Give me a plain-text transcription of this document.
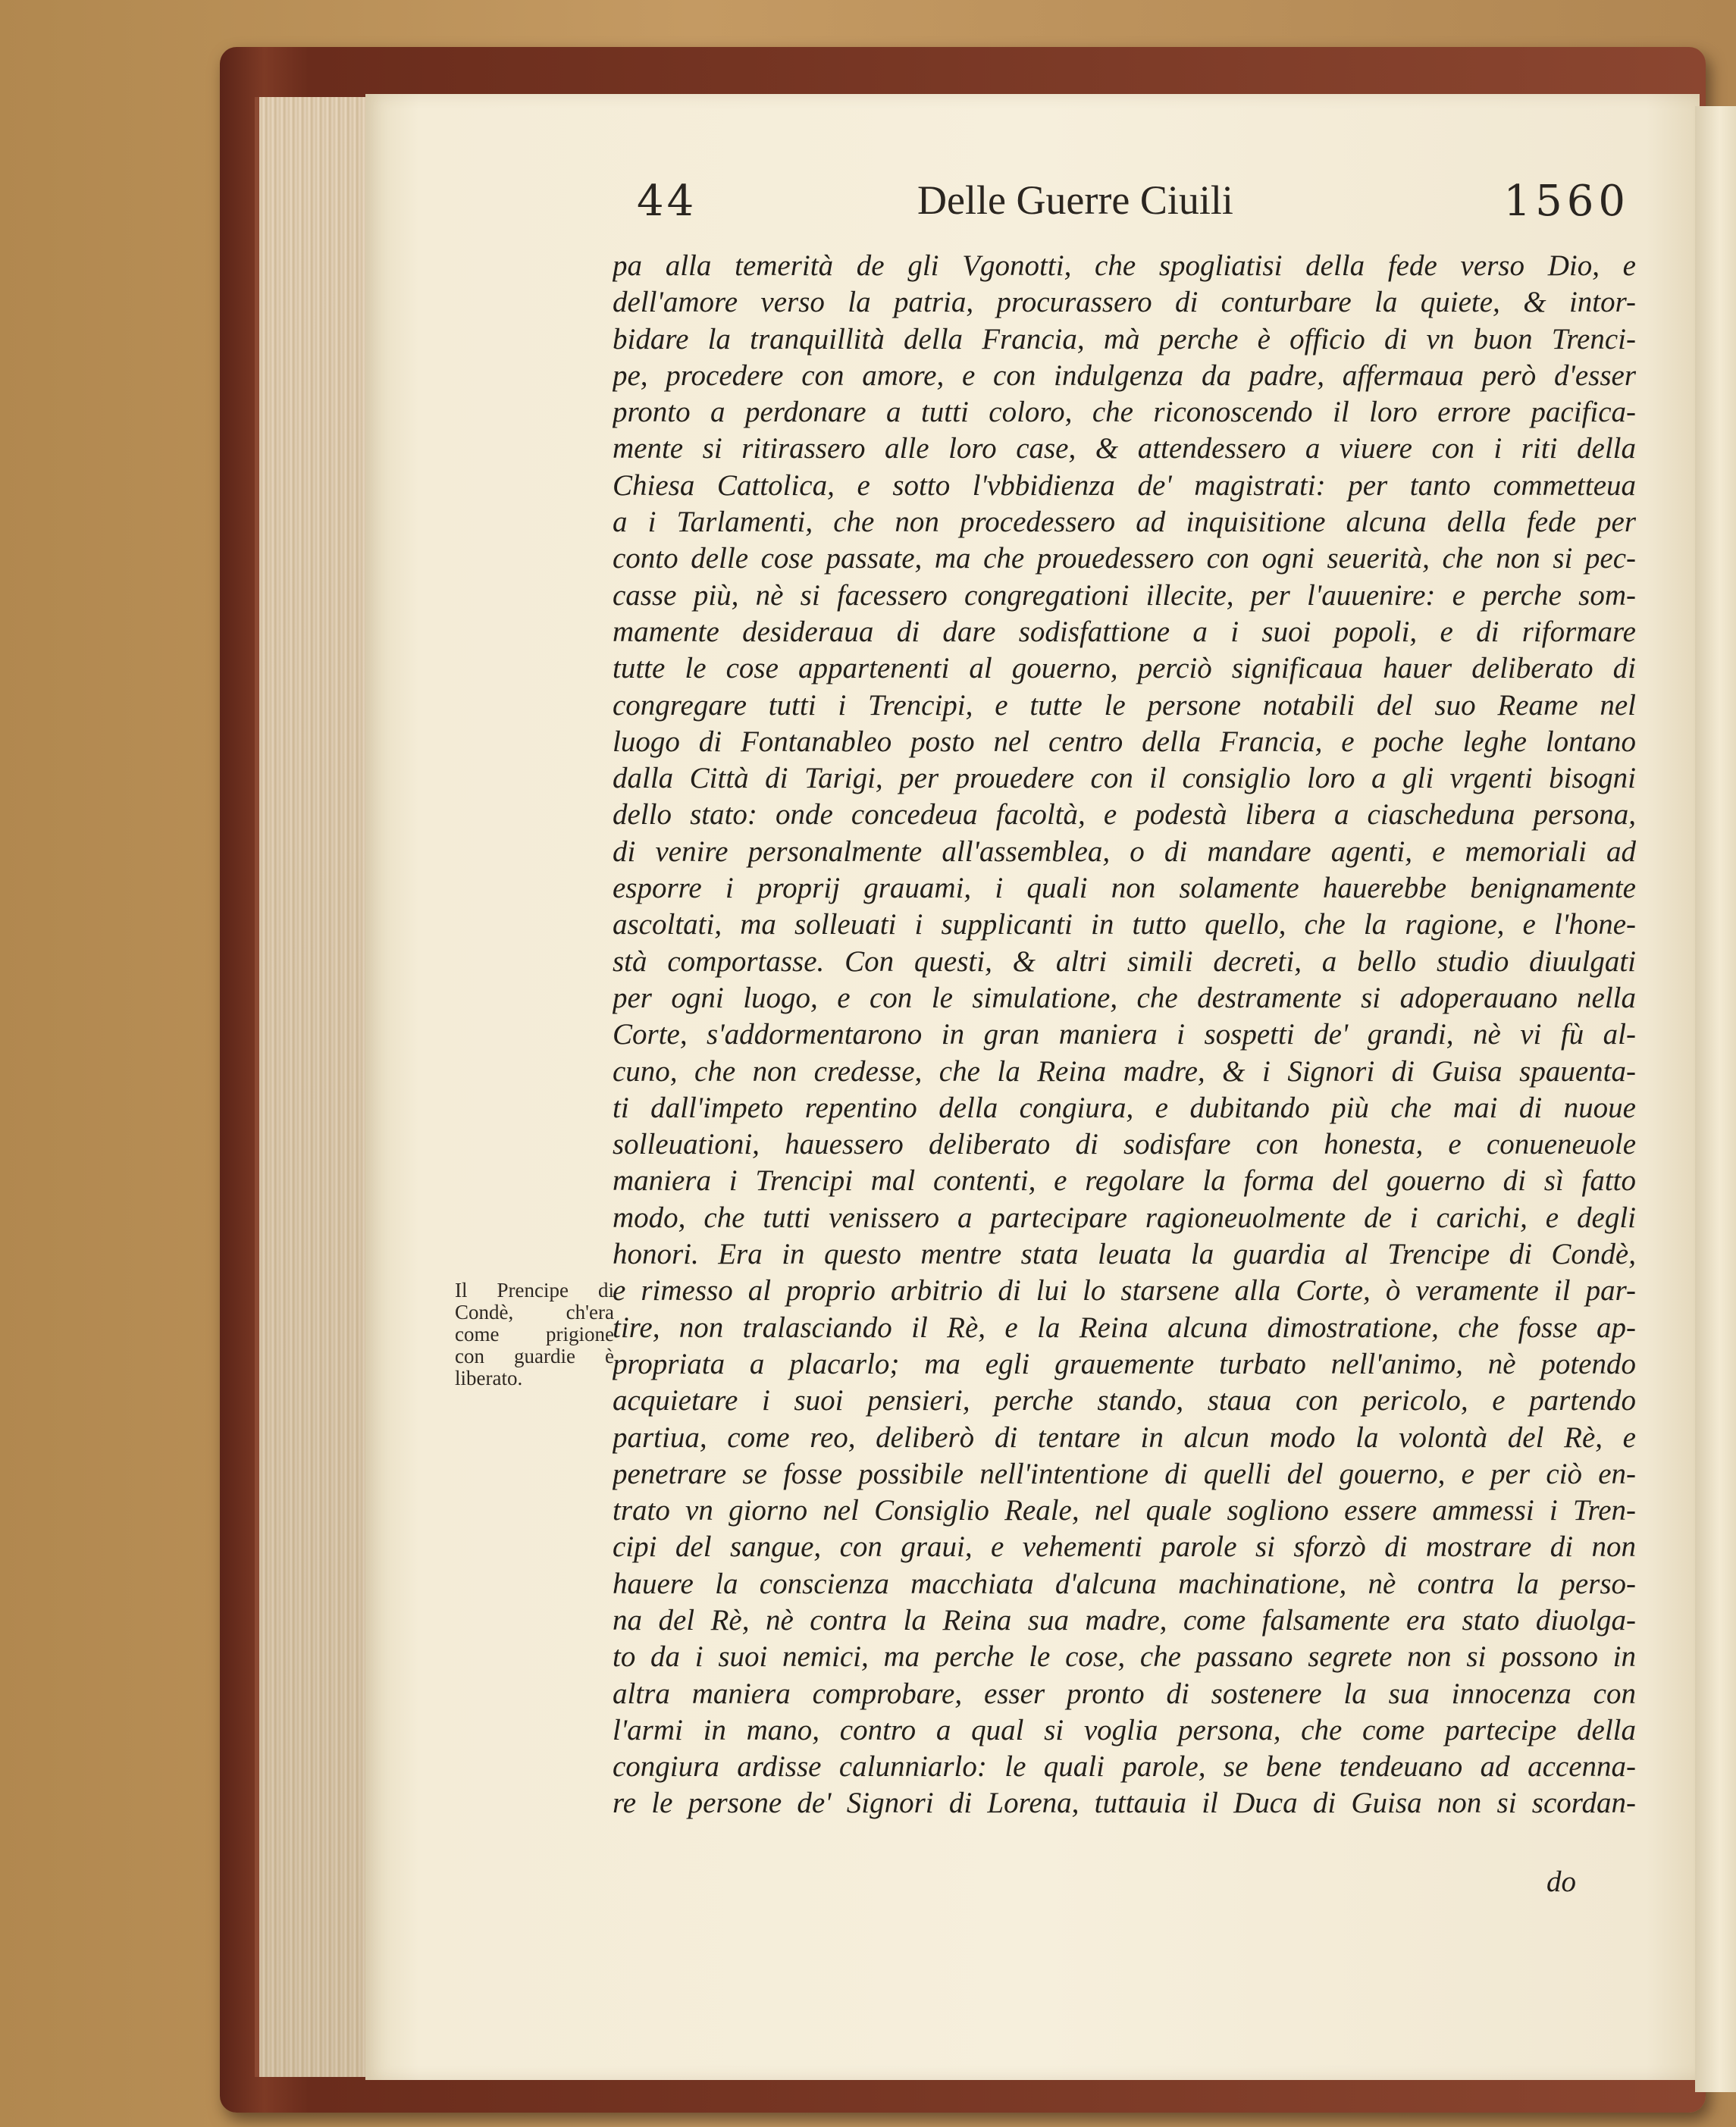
44	Delle Guerre Ciuili	1560
pa alla temerità de gli Vgonotti, che spogliatisi della fede verso Dio, e
dell'amore verso la patria, procurassero di conturbare la quiete, & intor-
bidare la tranquillità della Francia, mà perche è officio di vn buon Trenci-
pe, procedere con amore, e con indulgenza da padre, affermaua però d'esser
pronto a perdonare a tutti coloro, che riconoscendo il loro errore pacifica-
mente si ritirassero alle loro case, & attendessero a viuere con i riti della
Chiesa Cattolica, e sotto l'vbbidienza de' magistrati: per tanto commetteua
a i Tarlamenti, che non procedessero ad inquisitione alcuna della fede per
conto delle cose passate, ma che prouedessero con ogni seuerità, che non si pec-
casse più, nè si facessero congregationi illecite, per l'auuenire: e perche som-
mamente desideraua di dare sodisfattione a i suoi popoli, e di riformare
tutte le cose appartenenti al gouerno, perciò significaua hauer deliberato di
congregare tutti i Trencipi, e tutte le persone notabili del suo Reame nel
luogo di Fontanableo posto nel centro della Francia, e poche leghe lontano
dalla Città di Tarigi, per prouedere con il consiglio loro a gli vrgenti bisogni
dello stato: onde concedeua facoltà, e podestà libera a ciascheduna persona,
di venire personalmente all'assemblea, o di mandare agenti, e memoriali ad
esporre i proprij grauami, i quali non solamente hauerebbe benignamente
ascoltati, ma solleuati i supplicanti in tutto quello, che la ragione, e l'hone-
stà comportasse. Con questi, & altri simili decreti, a bello studio diuulgati
per ogni luogo, e con le simulatione, che destramente si adoperauano nella
Corte, s'addormentarono in gran maniera i sospetti de' grandi, nè vi fù al-
cuno, che non credesse, che la Reina madre, & i Signori di Guisa spauenta-
ti dall'impeto repentino della congiura, e dubitando più che mai di nuoue
solleuationi, hauessero deliberato di sodisfare con honesta, e conueneuole
maniera i Trencipi mal contenti, e regolare la forma del gouerno di sì fatto
modo, che tutti venissero a partecipare ragioneuolmente de i carichi, e degli
honori. Era in questo mentre stata leuata la guardia al Trencipe di Condè,
e rimesso al proprio arbitrio di lui lo starsene alla Corte, ò veramente il par-
tire, non tralasciando il Rè, e la Reina alcuna dimostratione, che fosse ap-
propriata a placarlo; ma egli grauemente turbato nell'animo, nè potendo
acquietare i suoi pensieri, perche stando, staua con pericolo, e partendo
partiua, come reo, deliberò di tentare in alcun modo la volontà del Rè, e
penetrare se fosse possibile nell'intentione di quelli del gouerno, e per ciò en-
trato vn giorno nel Consiglio Reale, nel quale sogliono essere ammessi i Tren-
cipi del sangue, con graui, e vehementi parole si sforzò di mostrare di non
hauere la conscienza macchiata d'alcuna machinatione, nè contra la perso-
na del Rè, nè contra la Reina sua madre, come falsamente era stato diuolga-
to da i suoi nemici, ma perche le cose, che passano segrete non si possono in
altra maniera comprobare, esser pronto di sostenere la sua innocenza con
l'armi in mano, contro a qual si voglia persona, che come partecipe della
congiura ardisse calunniarlo: le quali parole, se bene tendeuano ad accenna-
re le persone de' Signori di Lorena, tuttauia il Duca di Guisa non si scordan-
do
Il Prencipe di
Condè, ch'era
come prigione
con guardie è
liberato.
